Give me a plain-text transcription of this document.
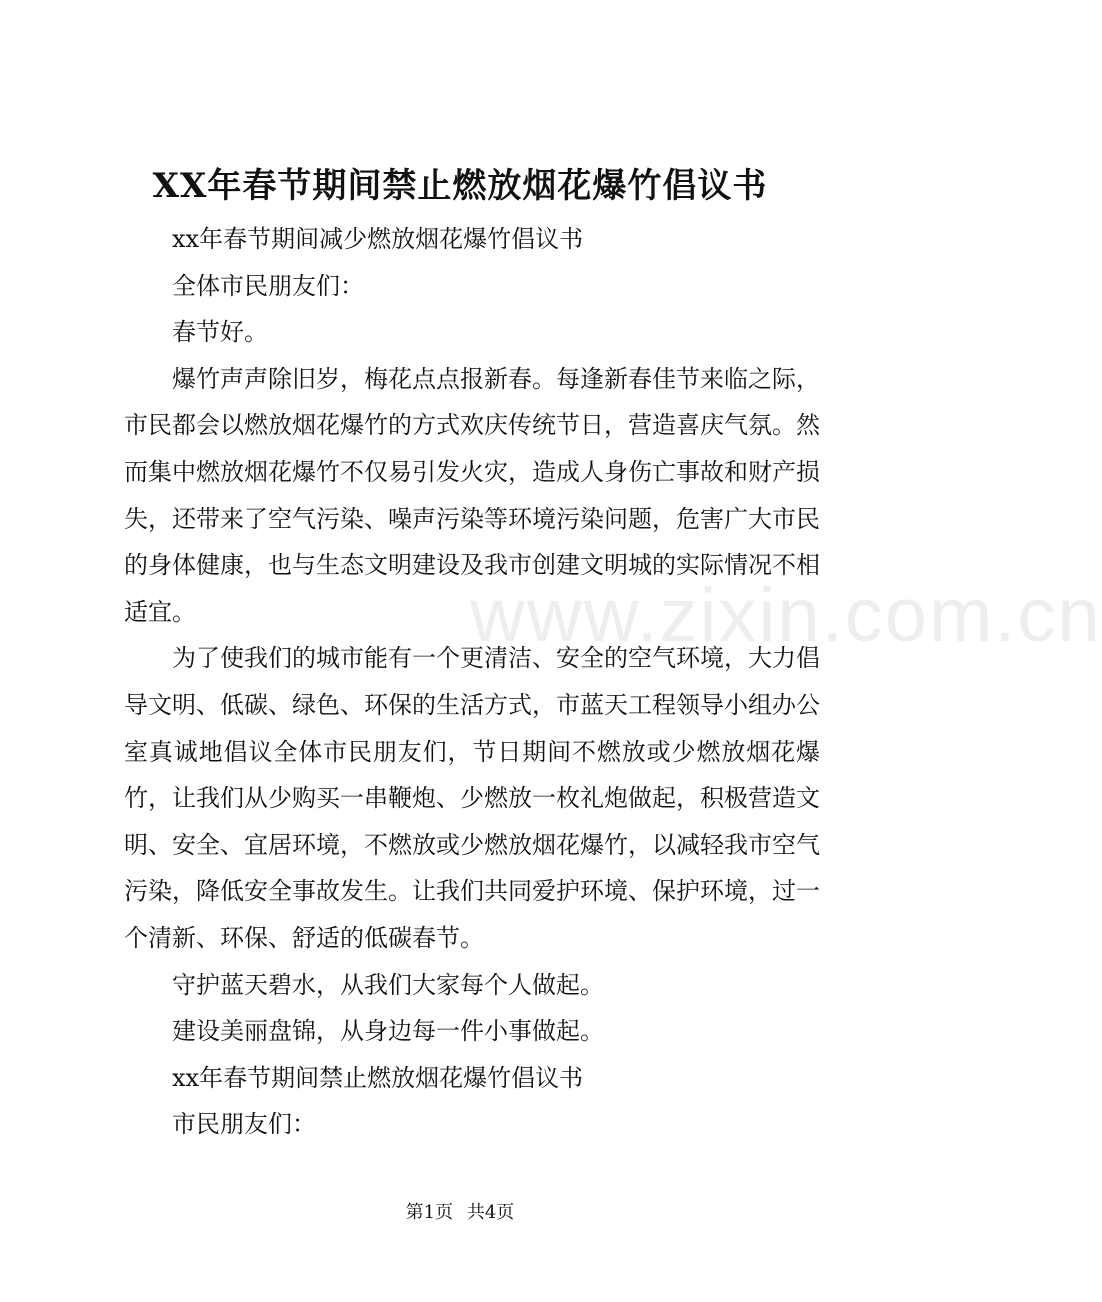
XX年春节期间禁止燃放烟花爆竹倡议书

xx年春节期间减少燃放烟花爆竹倡议书

全体市民朋友们：

春节好。

爆竹声声除旧岁，梅花点点报新春。每逢新春佳节来临之际，市民都会以燃放烟花爆竹的方式欢庆传统节日，营造喜庆气氛。然而集中燃放烟花爆竹不仅易引发火灾，造成人身伤亡事故和财产损失，还带来了空气污染、噪声污染等环境污染问题，危害广大市民的身体健康，也与生态文明建设及我市创建文明城的实际情况不相适宜。

为了使我们的城市能有一个更清洁、安全的空气环境，大力倡导文明、低碳、绿色、环保的生活方式，市蓝天工程领导小组办公室真诚地倡议全体市民朋友们，节日期间不燃放或少燃放烟花爆竹，让我们从少购买一串鞭炮、少燃放一枚礼炮做起，积极营造文明、安全、宜居环境，不燃放或少燃放烟花爆竹，以减轻我市空气污染，降低安全事故发生。让我们共同爱护环境、保护环境，过一个清新、环保、舒适的低碳春节。

守护蓝天碧水，从我们大家每个人做起。

建设美丽盘锦，从身边每一件小事做起。

xx年春节期间禁止燃放烟花爆竹倡议书

市民朋友们：

www.zixin.com.cn
第1页 共4页
